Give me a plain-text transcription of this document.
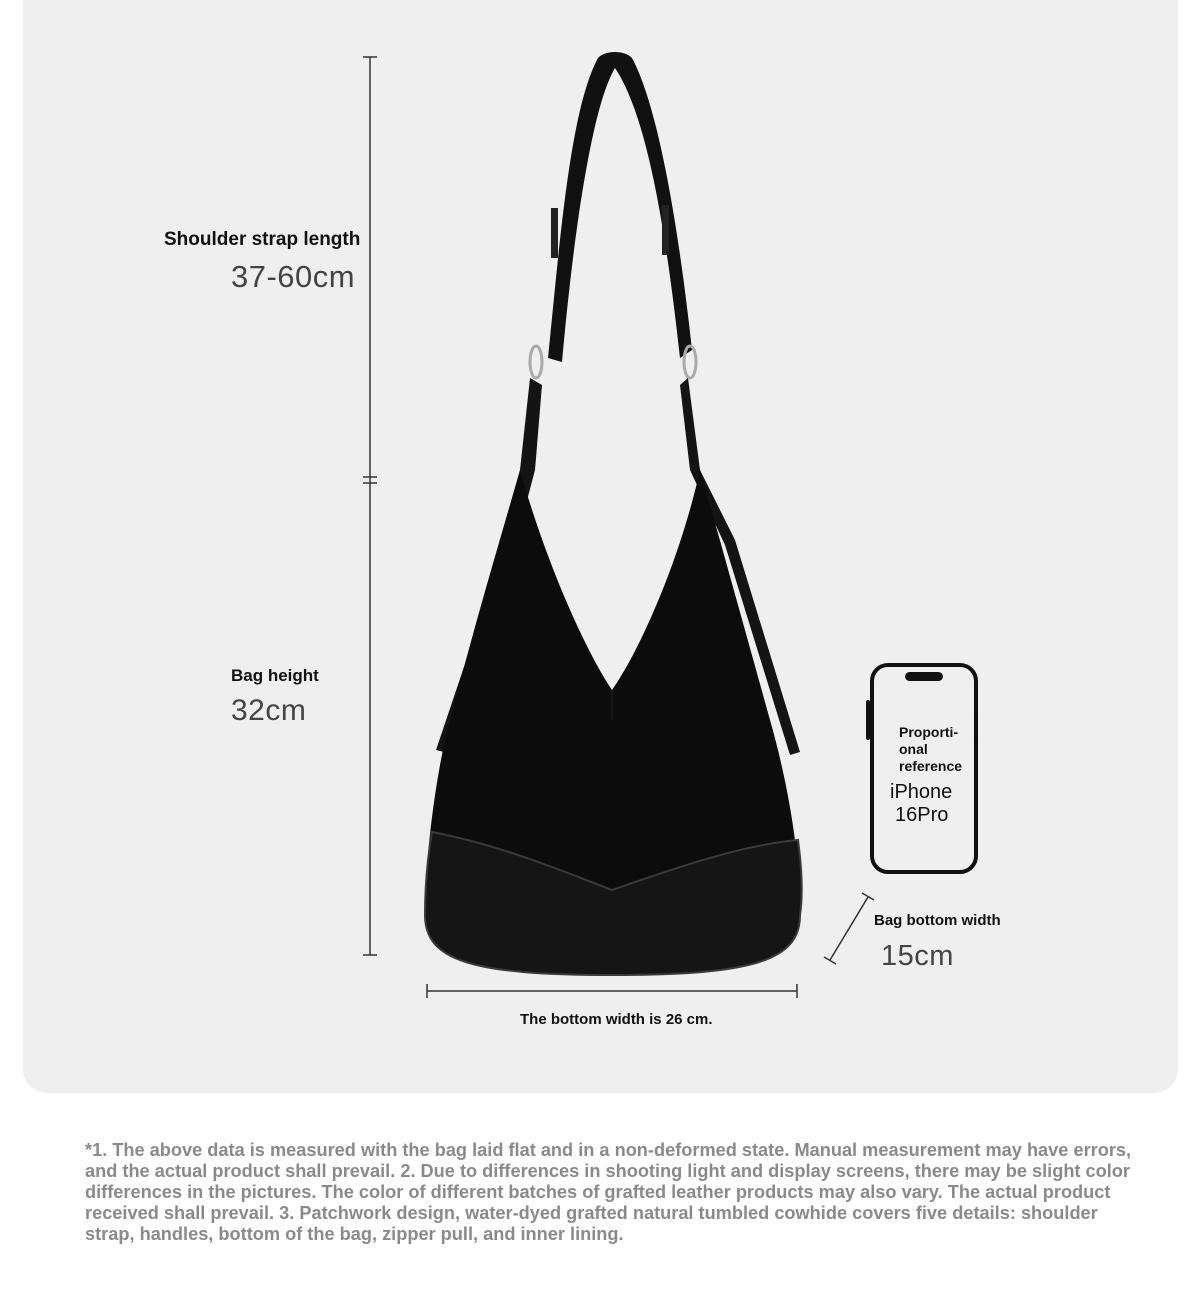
Proporti-
onal
reference
iPhone
16Pro
Shoulder strap length
37-60cm
Bag height
32cm
The bottom width is 26 cm.
Bag bottom width
15cm
*1. The above data is measured with the bag laid flat and in a non-deformed state. Manual measurement may have errors, and the actual product shall prevail. 2. Due to differences in shooting light and display screens, there may be slight color differences in the pictures. The color of different batches of grafted leather products may also vary. The actual product received shall prevail. 3. Patchwork design, water-dyed grafted natural tumbled cowhide covers five details: shoulder strap, handles, bottom of the bag, zipper pull, and inner lining.
